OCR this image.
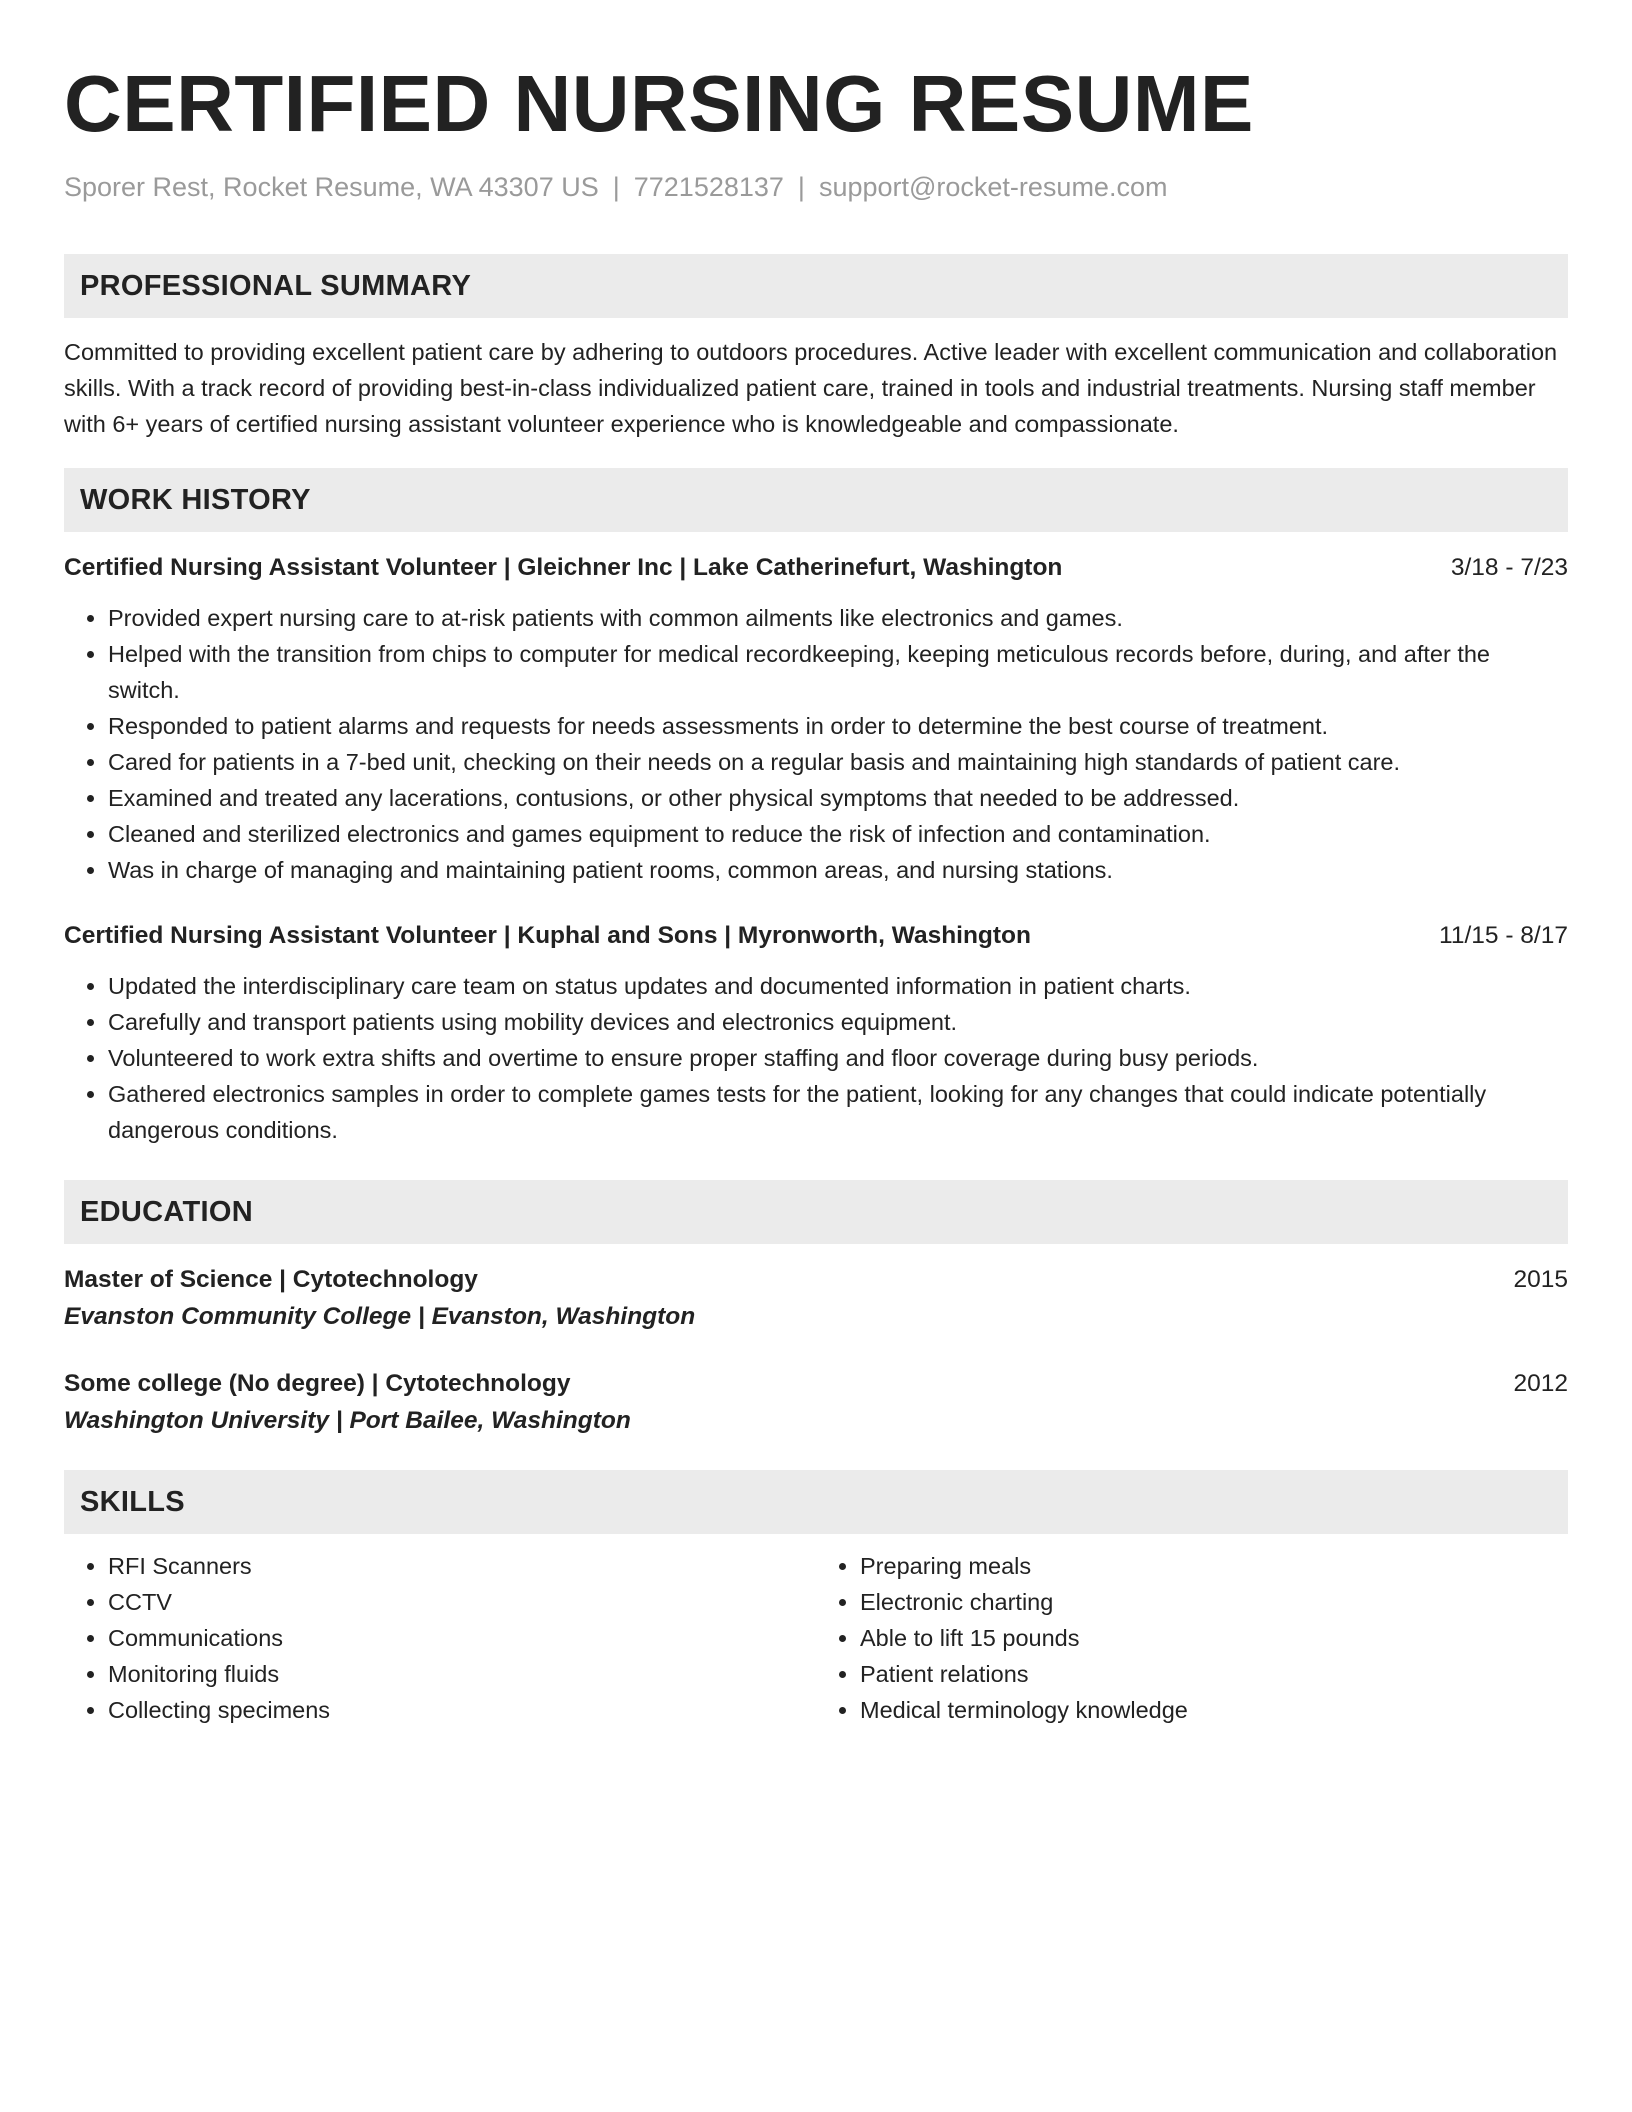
CERTIFIED NURSING RESUME
Sporer Rest, Rocket Resume, WA 43307 US | 7721528137 | support@rocket-resume.com
PROFESSIONAL SUMMARY
Committed to providing excellent patient care by adhering to outdoors procedures. Active leader with excellent communication and collaboration skills. With a track record of providing best-in-class individualized patient care, trained in tools and industrial treatments. Nursing staff member with 6+ years of certified nursing assistant volunteer experience who is knowledgeable and compassionate.
WORK HISTORY
Certified Nursing Assistant Volunteer | Gleichner Inc | Lake Catherinefurt, Washington	3/18 - 7/23
• Provided expert nursing care to at-risk patients with common ailments like electronics and games.
• Helped with the transition from chips to computer for medical recordkeeping, keeping meticulous records before, during, and after the switch.
• Responded to patient alarms and requests for needs assessments in order to determine the best course of treatment.
• Cared for patients in a 7-bed unit, checking on their needs on a regular basis and maintaining high standards of patient care.
• Examined and treated any lacerations, contusions, or other physical symptoms that needed to be addressed.
• Cleaned and sterilized electronics and games equipment to reduce the risk of infection and contamination.
• Was in charge of managing and maintaining patient rooms, common areas, and nursing stations.
Certified Nursing Assistant Volunteer | Kuphal and Sons | Myronworth, Washington	11/15 - 8/17
• Updated the interdisciplinary care team on status updates and documented information in patient charts.
• Carefully and transport patients using mobility devices and electronics equipment.
• Volunteered to work extra shifts and overtime to ensure proper staffing and floor coverage during busy periods.
• Gathered electronics samples in order to complete games tests for the patient, looking for any changes that could indicate potentially dangerous conditions.
EDUCATION
Master of Science | Cytotechnology	2015
Evanston Community College | Evanston, Washington
Some college (No degree) | Cytotechnology	2012
Washington University | Port Bailee, Washington
SKILLS
• RFI Scanners
• CCTV
• Communications
• Monitoring fluids
• Collecting specimens
• Preparing meals
• Electronic charting
• Able to lift 15 pounds
• Patient relations
• Medical terminology knowledge
